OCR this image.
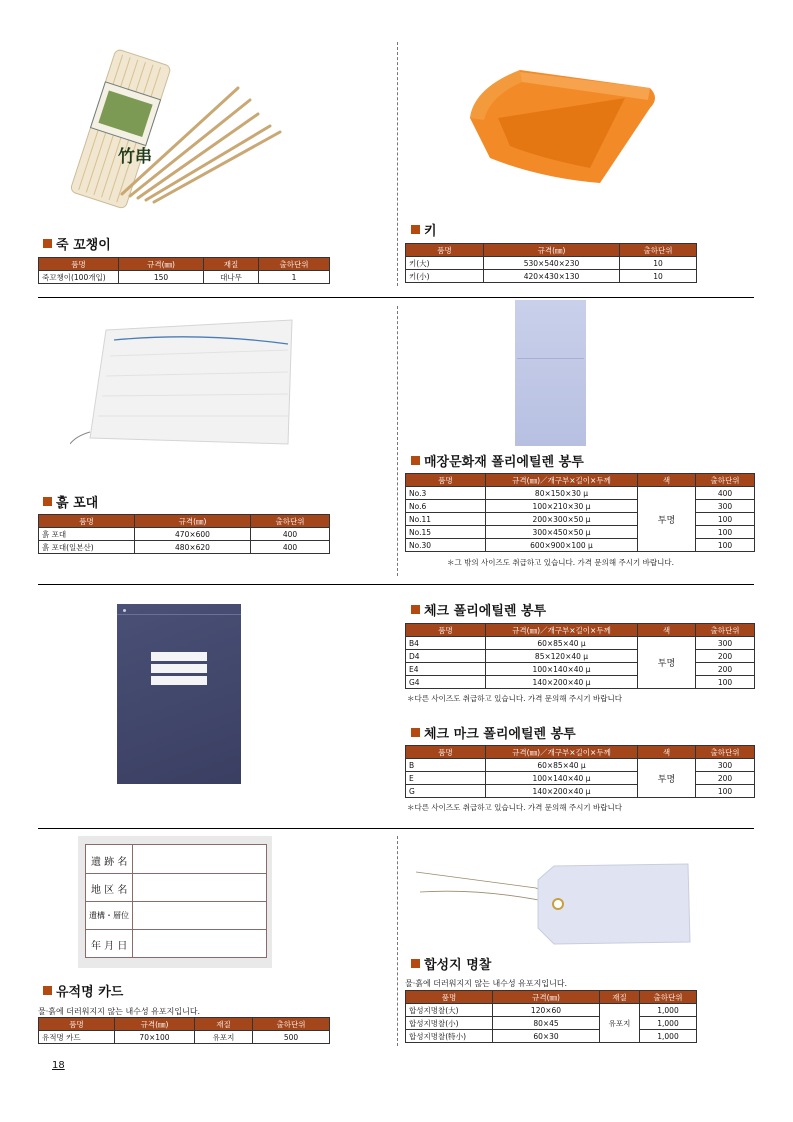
竹串
죽 꼬챙이
품명	규격(㎜)	재질	출하단위
죽꼬챙이(100개입)	150	대나무	1
키
품명	규격(㎜)	출하단위
키(大)	530×540×230	10
키(小)	420×430×130	10
흙 포대
품명	규격(㎜)	출하단위
흙 포대	470×600	400
흙 포대(일본산)	480×620	400
매장문화재 폴리에틸렌 봉투
품명	규격(㎜)／개구부×길이×두께	색	출하단위
No.3	80×150×30 μ	투명	400
No.6	100×210×30 μ		300
No.11	200×300×50 μ		100
No.15	300×450×50 μ		100
No.30	600×900×100 μ		100
＊그 밖의 사이즈도 취급하고 있습니다. 가격 문의해 주시기 바랍니다.
체크 폴리에틸렌 봉투
품명	규격(㎜)／개구부×길이×두께	색	출하단위
B4	60×85×40 μ	투명	300
D4	85×120×40 μ		200
E4	100×140×40 μ		200
G4	140×200×40 μ		100
＊다른 사이즈도 취급하고 있습니다. 가격 문의해 주시기 바랍니다
체크 마크 폴리에틸렌 봉투
품명	규격(㎜)／개구부×길이×두께	색	출하단위
B	60×85×40 μ	투명	300
E	100×140×40 μ		200
G	140×200×40 μ		100
＊다른 사이즈도 취급하고 있습니다. 가격 문의해 주시기 바랍니다
遺 跡 名
地 区 名
遺構・層位
年 月 日
유적명 카드
물·흙에 더러워지지 않는 내수성 유포지입니다.
품명	규격(㎜)	재질	출하단위
유적명 카드	70×100	유포지	500
합성지 명찰
물·흙에 더러워지지 않는 내수성 유포지입니다.
품명	규격(㎜)	재질	출하단위
합성지명찰(大)	120×60	유포지	1,000
합성지명찰(小)	80×45		1,000
합성지명찰(特小)	60×30		1,000
18
